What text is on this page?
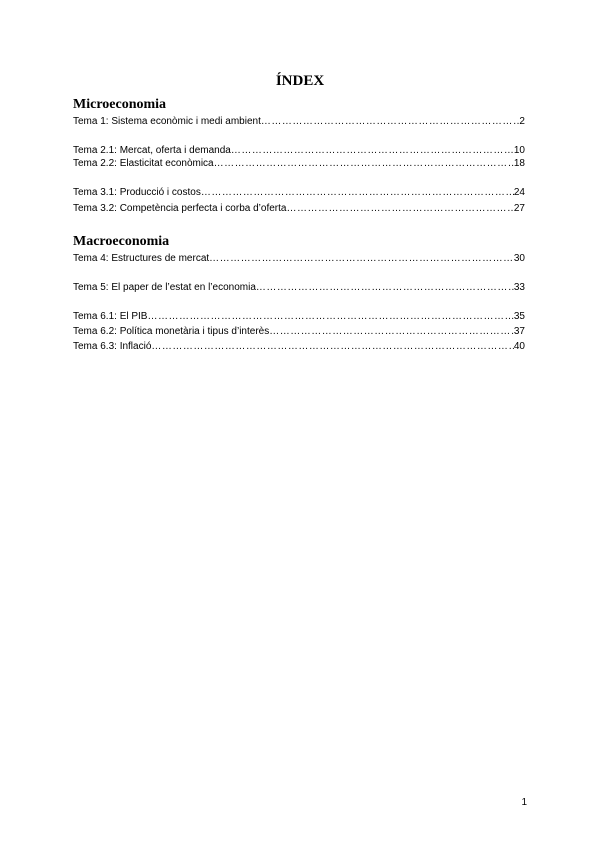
ÍNDEX
Microeconomia
Tema 1: Sistema econòmic i medi ambient ……………………………………………………………………………………………………………………………………………………………………	.2
Tema 2.1: Mercat, oferta i demanda ……………………………………………………………………………………………………………………………………………………………………	10
Tema 2.2: Elasticitat econòmica ……………………………………………………………………………………………………………………………………………………………………	18
Tema 3.1: Producció i costos ……………………………………………………………………………………………………………………………………………………………………	24
Tema 3.2: Competència perfecta i corba d’oferta ……………………………………………………………………………………………………………………………………………………………………	27
Macroeconomia
Tema 4: Estructures de mercat ……………………………………………………………………………………………………………………………………………………………………	30
Tema 5: El paper de l’estat en l’economia ……………………………………………………………………………………………………………………………………………………………………	33
Tema 6.1: El PIB ……………………………………………………………………………………………………………………………………………………………………	35
Tema 6.2: Política monetària i tipus d’interès ……………………………………………………………………………………………………………………………………………………………………	37
Tema 6.3: Inflació ……………………………………………………………………………………………………………………………………………………………………	40

1
